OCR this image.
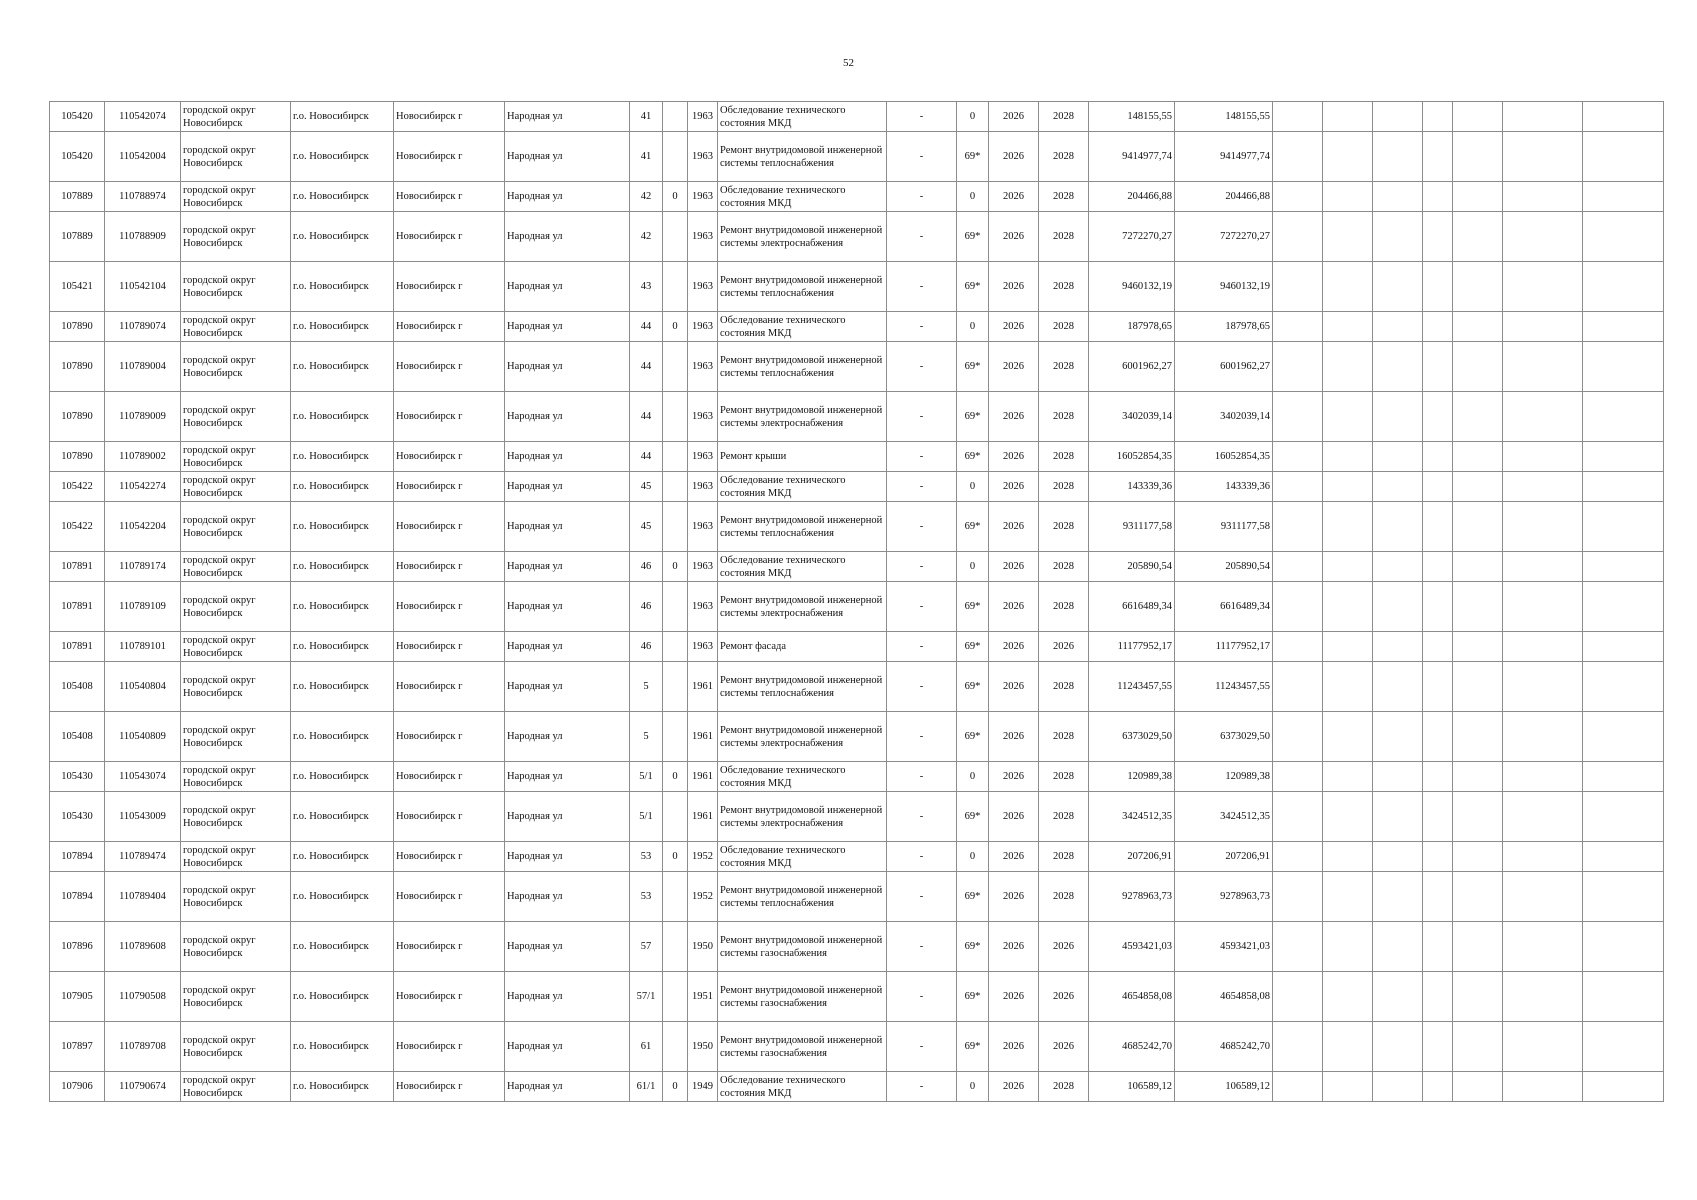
52
105420	110542074	городской округ Новосибирск	г.о. Новосибирск	Новосибирск г	Народная ул	41		1963	Обследование технического состояния МКД	-	0	2026	2028	148155,55	148155,55							
105420	110542004	городской округ Новосибирск	г.о. Новосибирск	Новосибирск г	Народная ул	41		1963	Ремонт внутридомовой инженерной системы теплоснабжения	-	69*	2026	2028	9414977,74	9414977,74							
107889	110788974	городской округ Новосибирск	г.о. Новосибирск	Новосибирск г	Народная ул	42	0	1963	Обследование технического состояния МКД	-	0	2026	2028	204466,88	204466,88							
107889	110788909	городской округ Новосибирск	г.о. Новосибирск	Новосибирск г	Народная ул	42		1963	Ремонт внутридомовой инженерной системы электроснабжения	-	69*	2026	2028	7272270,27	7272270,27							
105421	110542104	городской округ Новосибирск	г.о. Новосибирск	Новосибирск г	Народная ул	43		1963	Ремонт внутридомовой инженерной системы теплоснабжения	-	69*	2026	2028	9460132,19	9460132,19							
107890	110789074	городской округ Новосибирск	г.о. Новосибирск	Новосибирск г	Народная ул	44	0	1963	Обследование технического состояния МКД	-	0	2026	2028	187978,65	187978,65							
107890	110789004	городской округ Новосибирск	г.о. Новосибирск	Новосибирск г	Народная ул	44		1963	Ремонт внутридомовой инженерной системы теплоснабжения	-	69*	2026	2028	6001962,27	6001962,27							
107890	110789009	городской округ Новосибирск	г.о. Новосибирск	Новосибирск г	Народная ул	44		1963	Ремонт внутридомовой инженерной системы электроснабжения	-	69*	2026	2028	3402039,14	3402039,14							
107890	110789002	городской округ Новосибирск	г.о. Новосибирск	Новосибирск г	Народная ул	44		1963	Ремонт крыши	-	69*	2026	2028	16052854,35	16052854,35							
105422	110542274	городской округ Новосибирск	г.о. Новосибирск	Новосибирск г	Народная ул	45		1963	Обследование технического состояния МКД	-	0	2026	2028	143339,36	143339,36							
105422	110542204	городской округ Новосибирск	г.о. Новосибирск	Новосибирск г	Народная ул	45		1963	Ремонт внутридомовой инженерной системы теплоснабжения	-	69*	2026	2028	9311177,58	9311177,58							
107891	110789174	городской округ Новосибирск	г.о. Новосибирск	Новосибирск г	Народная ул	46	0	1963	Обследование технического состояния МКД	-	0	2026	2028	205890,54	205890,54							
107891	110789109	городской округ Новосибирск	г.о. Новосибирск	Новосибирск г	Народная ул	46		1963	Ремонт внутридомовой инженерной системы электроснабжения	-	69*	2026	2028	6616489,34	6616489,34							
107891	110789101	городской округ Новосибирск	г.о. Новосибирск	Новосибирск г	Народная ул	46		1963	Ремонт фасада	-	69*	2026	2026	11177952,17	11177952,17							
105408	110540804	городской округ Новосибирск	г.о. Новосибирск	Новосибирск г	Народная ул	5		1961	Ремонт внутридомовой инженерной системы теплоснабжения	-	69*	2026	2028	11243457,55	11243457,55							
105408	110540809	городской округ Новосибирск	г.о. Новосибирск	Новосибирск г	Народная ул	5		1961	Ремонт внутридомовой инженерной системы электроснабжения	-	69*	2026	2028	6373029,50	6373029,50							
105430	110543074	городской округ Новосибирск	г.о. Новосибирск	Новосибирск г	Народная ул	5/1	0	1961	Обследование технического состояния МКД	-	0	2026	2028	120989,38	120989,38							
105430	110543009	городской округ Новосибирск	г.о. Новосибирск	Новосибирск г	Народная ул	5/1		1961	Ремонт внутридомовой инженерной системы электроснабжения	-	69*	2026	2028	3424512,35	3424512,35							
107894	110789474	городской округ Новосибирск	г.о. Новосибирск	Новосибирск г	Народная ул	53	0	1952	Обследование технического состояния МКД	-	0	2026	2028	207206,91	207206,91							
107894	110789404	городской округ Новосибирск	г.о. Новосибирск	Новосибирск г	Народная ул	53		1952	Ремонт внутридомовой инженерной системы теплоснабжения	-	69*	2026	2028	9278963,73	9278963,73							
107896	110789608	городской округ Новосибирск	г.о. Новосибирск	Новосибирск г	Народная ул	57		1950	Ремонт внутридомовой инженерной системы газоснабжения	-	69*	2026	2026	4593421,03	4593421,03							
107905	110790508	городской округ Новосибирск	г.о. Новосибирск	Новосибирск г	Народная ул	57/1		1951	Ремонт внутридомовой инженерной системы газоснабжения	-	69*	2026	2026	4654858,08	4654858,08							
107897	110789708	городской округ Новосибирск	г.о. Новосибирск	Новосибирск г	Народная ул	61		1950	Ремонт внутридомовой инженерной системы газоснабжения	-	69*	2026	2026	4685242,70	4685242,70							
107906	110790674	городской округ Новосибирск	г.о. Новосибирск	Новосибирск г	Народная ул	61/1	0	1949	Обследование технического состояния МКД	-	0	2026	2028	106589,12	106589,12							
